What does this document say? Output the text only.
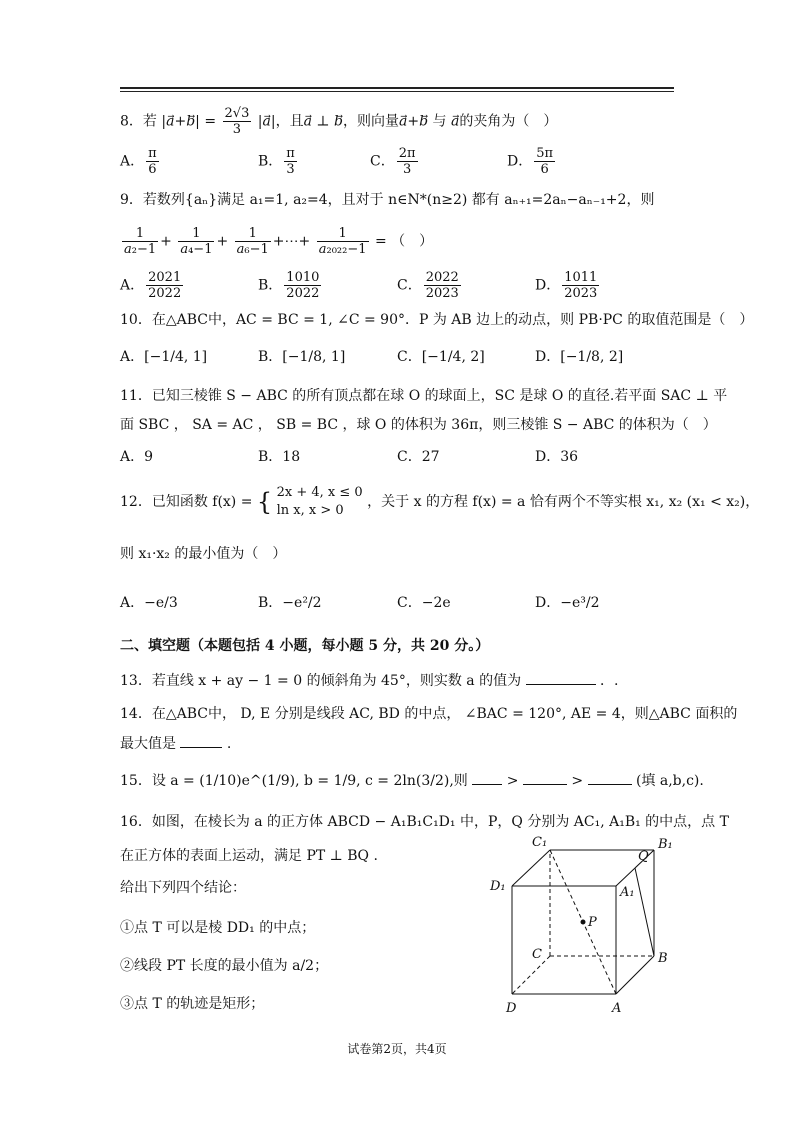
8．若 |a⃗+b⃗| = $\frac{2√3}{3}$ |a⃗|，且a⃗ ⊥ b，则向量a⃗+b⃗ 与 a的夹角为（　）
A． $\frac{\pi}{6}$	B． $\frac{\pi}{3}$	C． $\frac{2\pi}{3}$	D． $\frac{5\pi}{6}$
9．若数列{aₙ}满足 a₁=1, a₂=4，且对于 n∈N*(n≥2) 都有 aₙ₊₁=2aₙ−aₙ₋₁+2，则
$\frac{1}{\text{a₂−1}} + \frac{1}{\text{a₄−1}} + \frac{1}{\text{a₆−1}}$ +⋯+ $\frac{1}{\text{a₂₀₂₂−1}}$ = （　）
A． $\frac{2021}{2022}$	B． $\frac{1010}{2022}$	C． $\frac{2022}{2023}$	D． $\frac{1011}{2023}$
10．在△ABC中，AC = BC = 1, ∠C = 90°．P 为 AB 边上的动点，则 PB·PC 的取值范围是（　）
A．[−1/4, 1]	B．[−1/8, 1]	C．[−1/4, 2]	D．[−1/8, 2]
11．已知三棱锥 S − ABC 的所有顶点都在球 O 的球面上，SC 是球 O 的直径.若平面 SAC ⊥ 平
面 SBC ， SA = AC ， SB = BC ，球 O 的体积为 36π，则三棱锥 S − ABC 的体积为（　）
A．9	B．18	C．27	D．36
12．已知函数 f(x) = { 2x + 4, x ≤ 0
ln x, x > 0
，关于 x 的方程 f(x) = a 恰有两个不等实根 x₁, x₂ (x₁ < x₂)，
则 x₁·x₂ 的最小值为（　）
A．−e/3	B．−e²/2	C．−2e	D．−e³/2
二、填空题（本题包括 4 小题，每小题 5 分，共 20 分。）
13．若直线 x + ay − 1 = 0 的倾斜角为 45°，则实数 a 的值为	．.
14．在△ABC中， D, E 分别是线段 AC, BD 的中点， ∠BAC = 120°, AE = 4，则△ABC 面积的
最大值是	.
15．设 a = (1/10)e^(1/9), b = 1/9, c = 2ln(3/2),则	>	>	(填 a,b,c).
16．如图，在棱长为 a 的正方体 ABCD − A₁B₁C₁D₁ 中，P，Q 分别为 AC₁, A₁B₁ 的中点，点 T
在正方体的表面上运动，满足 PT ⊥ BQ .
给出下列四个结论：
①点 T 可以是棱 DD₁ 的中点；
②线段 PT 长度的最小值为 a/2；
③点 T 的轨迹是矩形；
C₁	B₁
Q
D₁	A₁
P
C	B
D	A
试卷第2页，共4页
